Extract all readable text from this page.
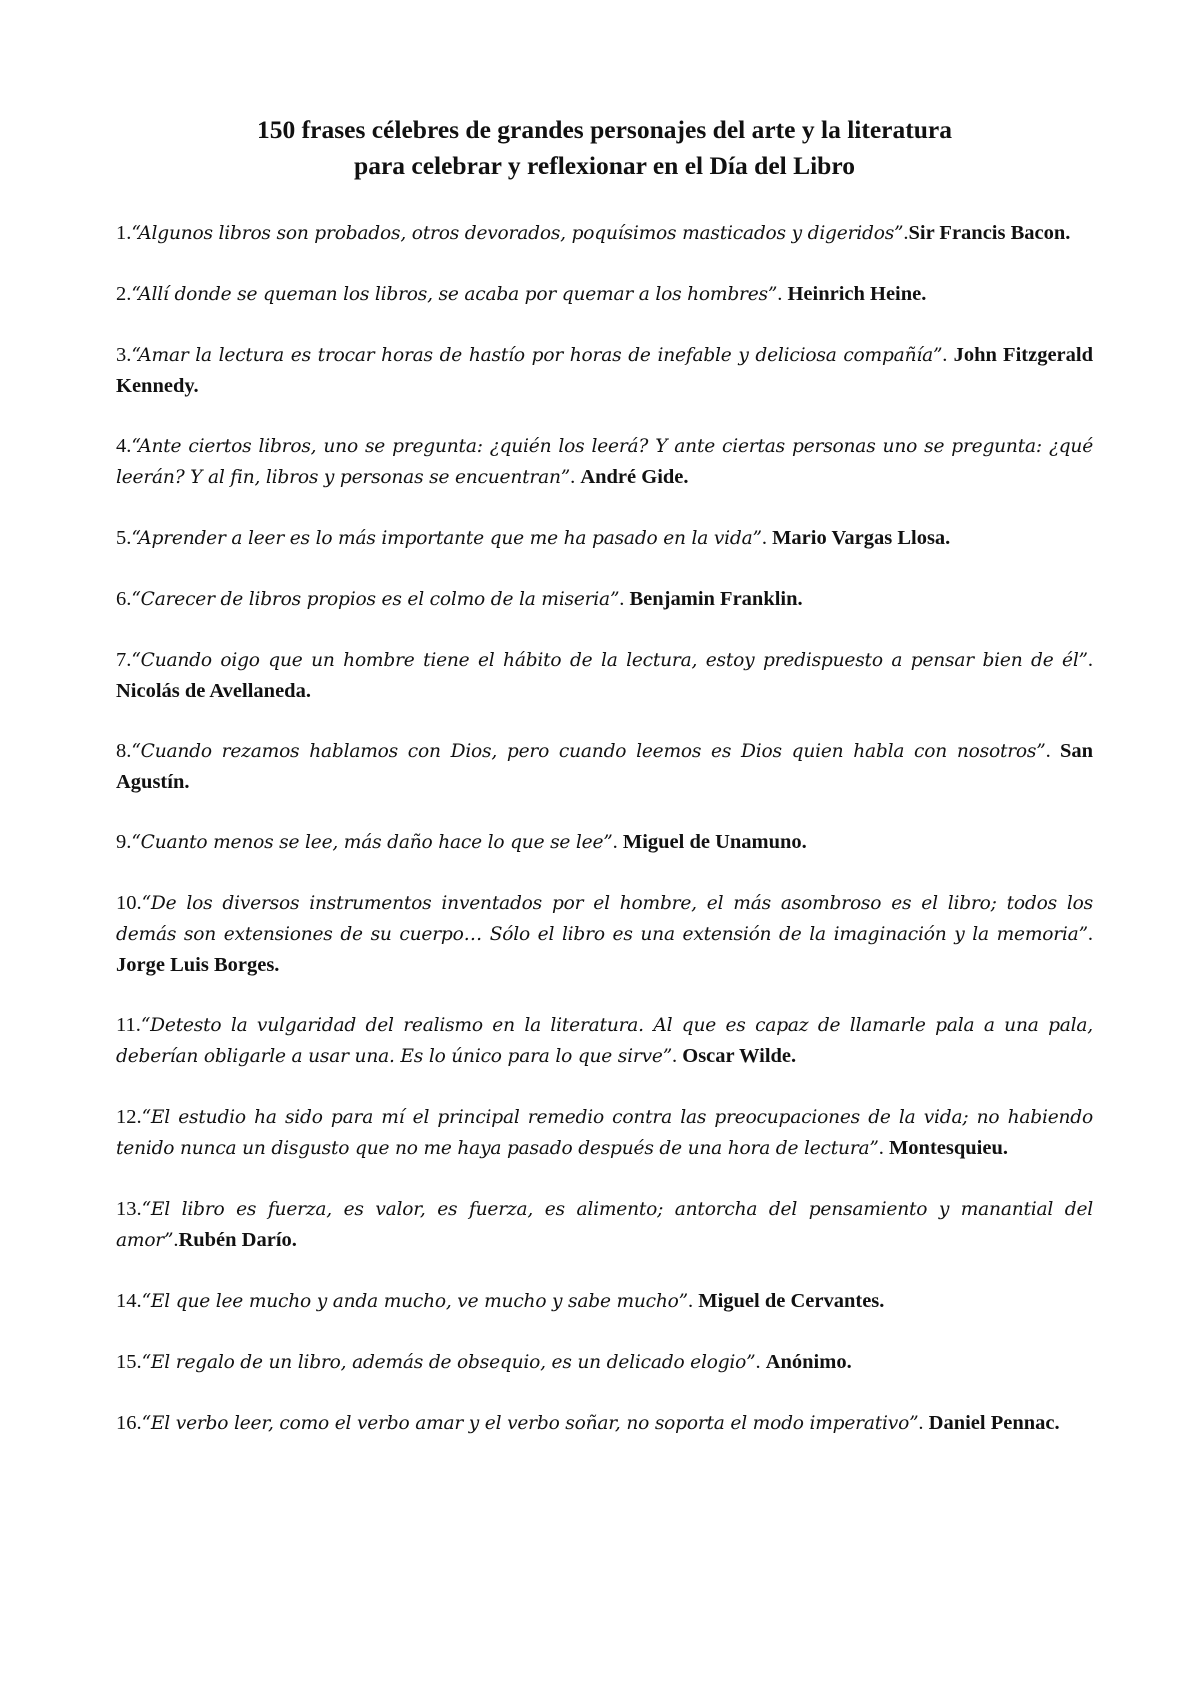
150 frases célebres de grandes personajes del arte y la literatura
para celebrar y reflexionar en el Día del Libro

1.“Algunos libros son probados, otros devorados, poquísimos masticados y digeridos”.Sir Francis Bacon.

2.“Allí donde se queman los libros, se acaba por quemar a los hombres”. Heinrich Heine.

3.“Amar la lectura es trocar horas de hastío por horas de inefable y deliciosa compañía”. John Fitzgerald Kennedy.

4.“Ante ciertos libros, uno se pregunta: ¿quién los leerá? Y ante ciertas personas uno se pregunta: ¿qué leerán? Y al fin, libros y personas se encuentran”. André Gide.

5.“Aprender a leer es lo más importante que me ha pasado en la vida”. Mario Vargas Llosa.

6.“Carecer de libros propios es el colmo de la miseria”. Benjamin Franklin.

7.“Cuando oigo que un hombre tiene el hábito de la lectura, estoy predispuesto a pensar bien de él”. Nicolás de Avellaneda.

8.“Cuando rezamos hablamos con Dios, pero cuando leemos es Dios quien habla con nosotros”. San Agustín.

9.“Cuanto menos se lee, más daño hace lo que se lee”. Miguel de Unamuno.

10.“De los diversos instrumentos inventados por el hombre, el más asombroso es el libro; todos los demás son extensiones de su cuerpo… Sólo el libro es una extensión de la imaginación y la memoria”. Jorge Luis Borges.

11.“Detesto la vulgaridad del realismo en la literatura. Al que es capaz de llamarle pala a una pala, deberían obligarle a usar una. Es lo único para lo que sirve”. Oscar Wilde.

12.“El estudio ha sido para mí el principal remedio contra las preocupaciones de la vida; no habiendo tenido nunca un disgusto que no me haya pasado después de una hora de lectura”. Montesquieu.

13.“El libro es fuerza, es valor, es fuerza, es alimento; antorcha del pensamiento y manantial del amor”.Rubén Darío.

14.“El que lee mucho y anda mucho, ve mucho y sabe mucho”. Miguel de Cervantes.

15.“El regalo de un libro, además de obsequio, es un delicado elogio”. Anónimo.

16.“El verbo leer, como el verbo amar y el verbo soñar, no soporta el modo imperativo”. Daniel Pennac.
